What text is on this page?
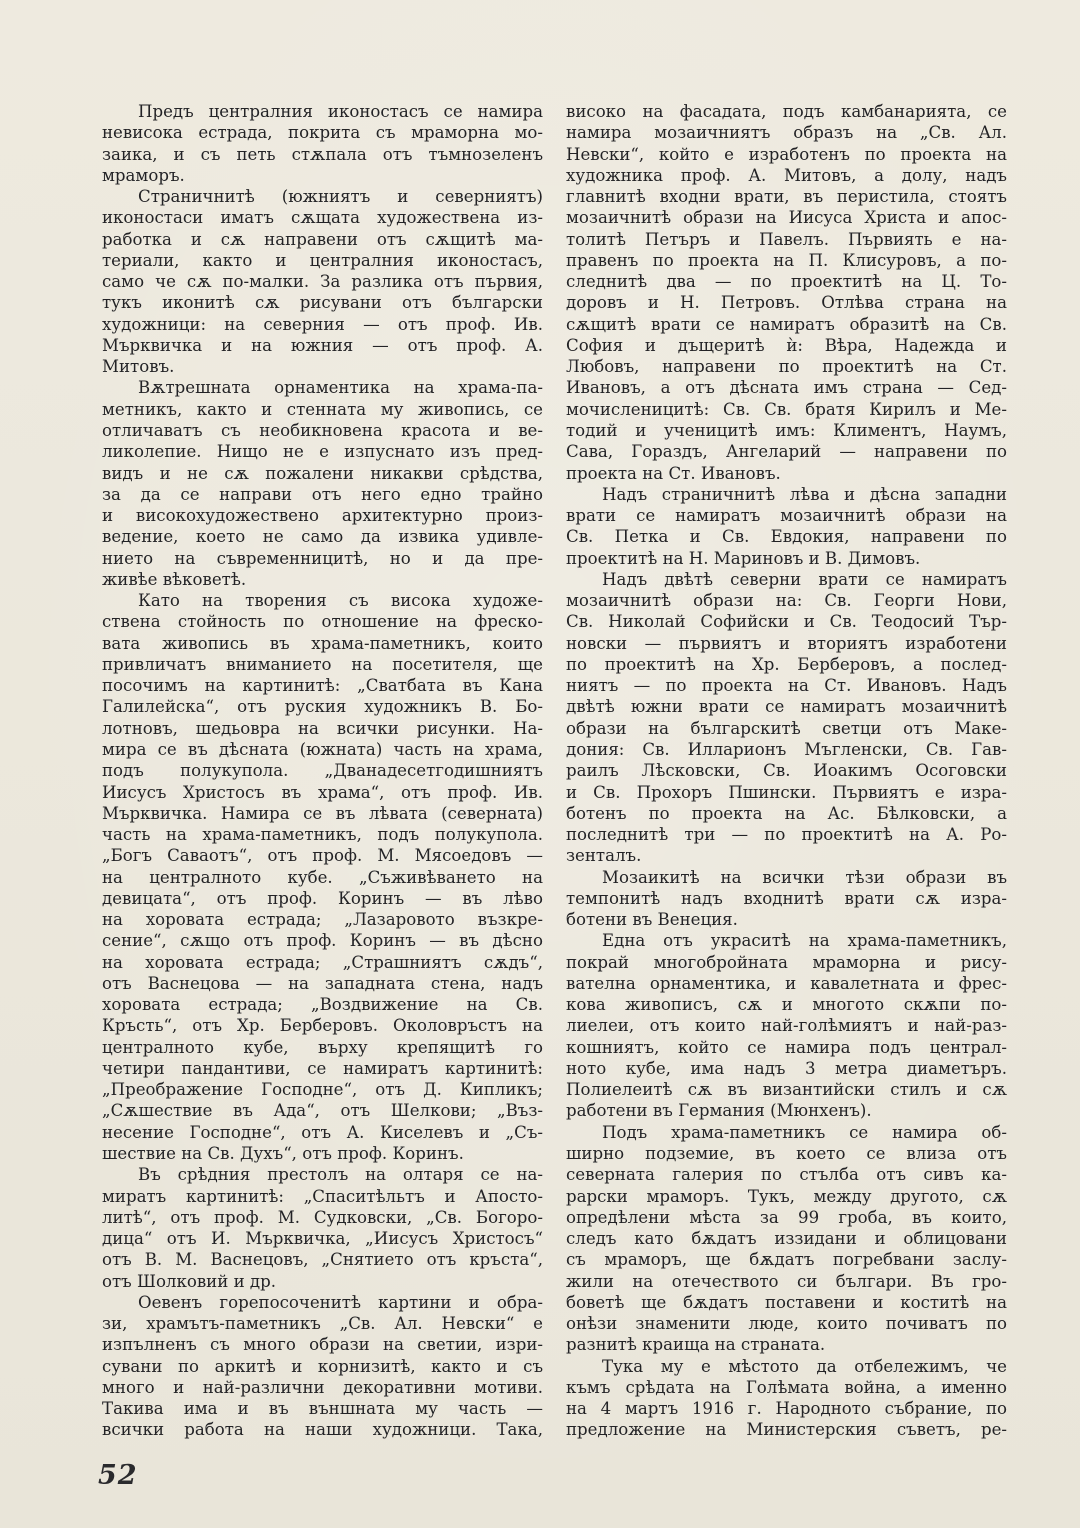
Предъ централния иконостасъ се намира
невисока естрада, покрита съ мраморна мо-
заика, и съ петь стѫпала отъ тъмнозеленъ
мраморъ.
Страничнитѣ (южниятъ и северниятъ)
иконостаси иматъ сѫщата художествена из-
работка и сѫ направени отъ сѫщитѣ ма-
териали, както и централния иконостасъ,
само че сѫ по-малки. За разлика отъ първия,
тукъ иконитѣ сѫ рисувани отъ български
художници: на северния — отъ проф. Ив.
Мърквичка и на южния — отъ проф. А.
Митовъ.
Вѫтрешната орнаментика на храма-па-
метникъ, както и стенната му живопись, се
отличаватъ съ необикновена красота и ве-
ликолепие. Нищо не е изпуснато изъ пред-
видъ и не сѫ пожалени никакви срѣдства,
за да се направи отъ него едно трайно
и високохудожествено архитектурно произ-
ведение, което не само да извика удивле-
нието на съвременницитѣ, но и да пре-
живѣе вѣковетѣ.
Като на творения съ висока художе-
ствена стойность по отношение на фреско-
вата живопись въ храма-паметникъ, които
привличатъ вниманието на посетителя, ще
посочимъ на картинитѣ: „Сватбата въ Кана
Галилейска“, отъ руския художникъ В. Бо-
лотновъ, шедьовра на всички рисунки. На-
мира се въ дѣсната (южната) часть на храма,
подъ полукупола. „Дванадесетгодишниятъ
Иисусъ Христосъ въ храма“, отъ проф. Ив.
Мърквичка. Намира се въ лѣвата (северната)
часть на храма-паметникъ, подъ полукупола.
„Богъ Саваотъ“, отъ проф. М. Мясоедовъ —
на централното кубе. „Съживѣването на
девицата“, отъ проф. Коринъ — въ лѣво
на хоровата естрада; „Лазаровото възкре-
сение“, сѫщо отъ проф. Коринъ — въ дѣсно
на хоровата естрада; „Страшниятъ сѫдъ“,
отъ Васнецова — на западната стена, надъ
хоровата естрада; „Воздвижение на Св.
Кръсть“, отъ Хр. Берберовъ. Околовръстъ на
централното кубе, върху крепящитѣ го
четири пандантиви, се намиратъ картинитѣ:
„Преображение Господне“, отъ Д. Кипликъ;
„Сѫшествие въ Ада“, отъ Шелкови; „Въз-
несение Господне“, отъ А. Киселевъ и „Съ-
шествие на Св. Духъ“, отъ проф. Коринъ.
Въ срѣдния престолъ на олтаря се на-
миратъ картинитѣ: „Спаситѣльтъ и Апосто-
литѣ“, отъ проф. М. Судковски, „Св. Богоро-
дица“ отъ И. Мърквичка, „Иисусъ Христосъ“
отъ В. М. Васнецовъ, „Снятието отъ кръста“,
отъ Шолковий и др.
Оевенъ горепосоченитѣ картини и обра-
зи, храмътъ-паметникъ „Св. Ал. Невски“ е
изпълненъ съ много образи на светии, изри-
сувани по аркитѣ и корнизитѣ, както и съ
много и най-различни декоративни мотиви.
Такива има и въ външната му часть —
всички работа на наши художници. Така,
високо на фасадата, подъ камбанарията, се
намира мозаичниятъ образъ на „Св. Ал.
Невски“, който е изработенъ по проекта на
художника проф. А. Митовъ, а долу, надъ
главнитѣ входни врати, въ перистила, стоятъ
мозаичнитѣ образи на Иисуса Христа и апос-
толитѣ Петъръ и Павелъ. Първиять е на-
правенъ по проекта на П. Клисуровъ, а по-
следнитѣ два — по проектитѣ на Ц. То-
доровъ и Н. Петровъ. Отлѣва страна на
сѫщитѣ врати се намиратъ образитѣ на Св.
София и дъщеритѣ ѝ: Вѣра, Надежда и
Любовъ, направени по проектитѣ на Ст.
Ивановъ, а отъ дѣсната имъ страна — Сед-
мочисленицитѣ: Св. Св. братя Кирилъ и Ме-
тодий и ученицитѣ имъ: Климентъ, Наумъ,
Сава, Гораздъ, Ангеларий — направени по
проекта на Ст. Ивановъ.
Надъ страничнитѣ лѣва и дѣсна западни
врати се намиратъ мозаичнитѣ образи на
Св. Петка и Св. Евдокия, направени по
проектитѣ на Н. Мариновъ и В. Димовъ.
Надъ двѣтѣ северни врати се намиратъ
мозаичнитѣ образи на: Св. Георги Нови,
Св. Николай Софийски и Св. Теодосий Тър-
новски — първиятъ и вториятъ изработени
по проектитѣ на Хр. Берберовъ, а послед-
ниятъ — по проекта на Ст. Ивановъ. Надъ
двѣтѣ южни врати се намиратъ мозаичнитѣ
образи на българскитѣ светци отъ Маке-
дония: Св. Илларионъ Мъгленски, Св. Гав-
раилъ Лѣсковски, Св. Иоакимъ Осоговски
и Св. Прохоръ Пшински. Първиятъ е изра-
ботенъ по проекта на Ас. Бѣлковски, а
последнитѣ три — по проектитѣ на А. Ро-
зенталъ.
Мозаикитѣ на всички тѣзи образи въ
темпонитѣ надъ входнитѣ врати сѫ изра-
ботени въ Венеция.
Една отъ украситѣ на храма-паметникъ,
покрай многобройната мраморна и рису-
вателна орнаментика, и кавалетната и фрес-
кова живописъ, сѫ и многото скѫпи по-
лиелеи, отъ които най-голѣмиятъ и най-раз-
кошниятъ, който се намира подъ централ-
ното кубе, има надъ 3 метра диаметъръ.
Полиелеитѣ сѫ въ византийски стилъ и сѫ
работени въ Германия (Мюнхенъ).
Подъ храма-паметникъ се намира об-
ширно подземие, въ което се влиза отъ
северната галерия по стълба отъ сивъ ка-
рарски мраморъ. Тукъ, между другото, сѫ
опредѣлени мѣста за 99 гроба, въ които,
следъ като бѫдатъ иззидани и облицовани
съ мраморъ, ще бѫдатъ погребвани заслу-
жили на отечеството си българи. Въ гро-
боветѣ ще бѫдатъ поставени и коститѣ на
онѣзи знаменити люде, които почиватъ по
разнитѣ краища на страната.
Тука му е мѣстото да отбележимъ, че
къмъ срѣдата на Голѣмата война, а именно
на 4 мартъ 1916 г. Народното събрание, по
предложение на Министерския съветъ, ре-
52
